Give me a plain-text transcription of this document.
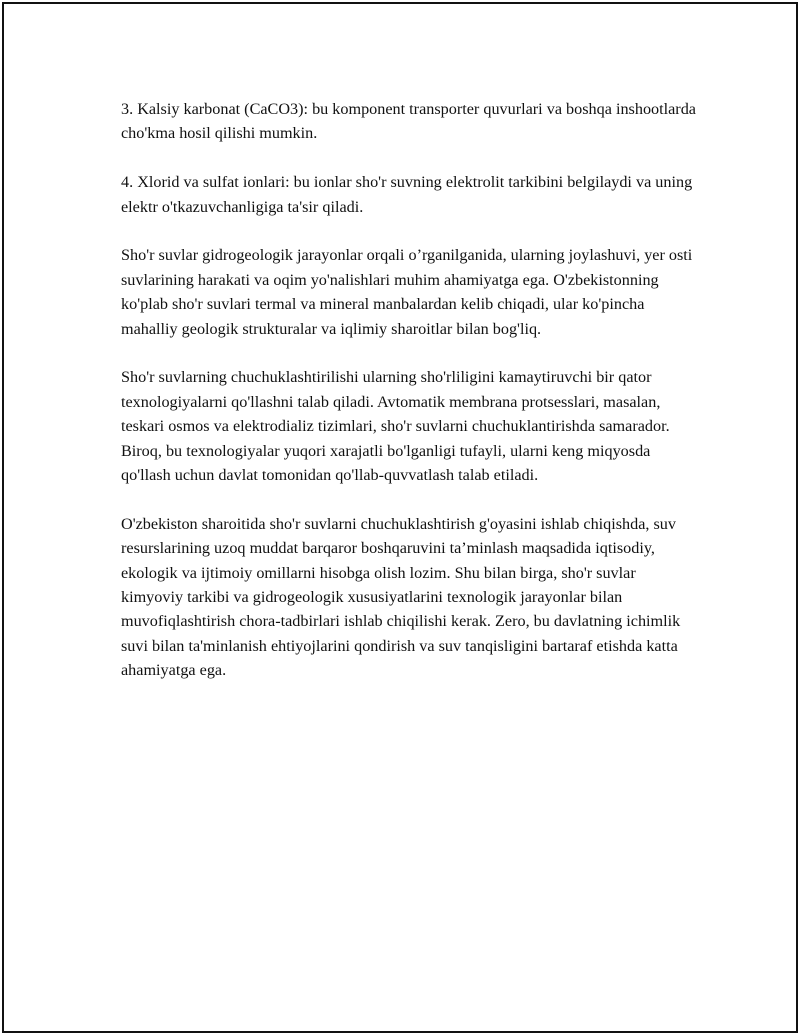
3. Kalsiy karbonat (CaCO3): bu komponent transporter quvurlari va boshqa inshootlarda cho'kma hosil qilishi mumkin.

4. Xlorid va sulfat ionlari: bu ionlar sho'r suvning elektrolit tarkibini belgilaydi va uning elektr o'tkazuvchanligiga ta'sir qiladi.

Sho'r suvlar gidrogeologik jarayonlar orqali o’rganilganida, ularning joylashuvi, yer osti suvlarining harakati va oqim yo'nalishlari muhim ahamiyatga ega. O'zbekistonning ko'plab sho'r suvlari termal va mineral manbalardan kelib chiqadi, ular ko'pincha mahalliy geologik strukturalar va iqlimiy sharoitlar bilan bog'liq.

Sho'r suvlarning chuchuklashtirilishi ularning sho'rliligini kamaytiruvchi bir qator texnologiyalarni qo'llashni talab qiladi. Avtomatik membrana protsesslari, masalan, teskari osmos va elektrodializ tizimlari, sho'r suvlarni chuchuklantirishda samarador. Biroq, bu texnologiyalar yuqori xarajatli bo'lganligi tufayli, ularni keng miqyosda qo'llash uchun davlat tomonidan qo'llab-quvvatlash talab etiladi.

O'zbekiston sharoitida sho'r suvlarni chuchuklashtirish g'oyasini ishlab chiqishda, suv resurslarining uzoq muddat barqaror boshqaruvini ta’minlash maqsadida iqtisodiy, ekologik va ijtimoiy omillarni hisobga olish lozim. Shu bilan birga, sho'r suvlar kimyoviy tarkibi va gidrogeologik xususiyatlarini texnologik jarayonlar bilan muvofiqlashtirish chora-tadbirlari ishlab chiqilishi kerak. Zero, bu davlatning ichimlik suvi bilan ta'minlanish ehtiyojlarini qondirish va suv tanqisligini bartaraf etishda katta ahamiyatga ega.
